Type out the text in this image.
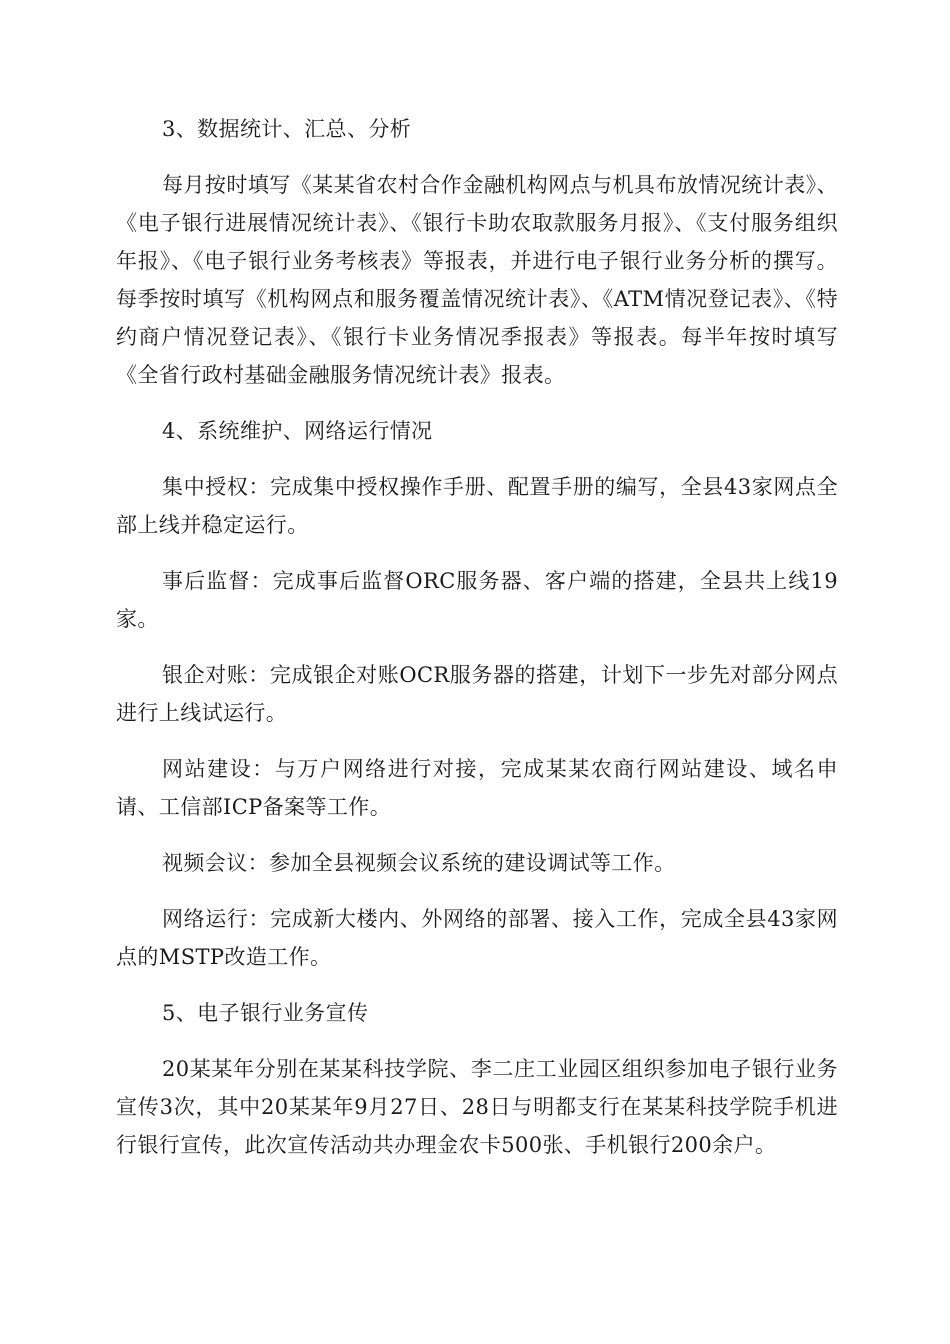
3、数据统计、汇总、分析

每月按时填写《某某省农村合作金融机构网点与机具布放情况统计表》、《电子银行进展情况统计表》、《银行卡助农取款服务月报》、《支付服务组织年报》、《电子银行业务考核表》等报表，并进行电子银行业务分析的撰写。每季按时填写《机构网点和服务覆盖情况统计表》、《ATM情况登记表》、《特约商户情况登记表》、《银行卡业务情况季报表》等报表。每半年按时填写《全省行政村基础金融服务情况统计表》报表。

4、系统维护、网络运行情况

集中授权：完成集中授权操作手册、配置手册的编写，全县43家网点全部上线并稳定运行。

事后监督：完成事后监督ORC服务器、客户端的搭建，全县共上线19家。

银企对账：完成银企对账OCR服务器的搭建，计划下一步先对部分网点进行上线试运行。

网站建设：与万户网络进行对接，完成某某农商行网站建设、域名申请、工信部ICP备案等工作。

视频会议：参加全县视频会议系统的建设调试等工作。

网络运行：完成新大楼内、外网络的部署、接入工作，完成全县43家网点的MSTP改造工作。

5、电子银行业务宣传

20某某年分别在某某科技学院、李二庄工业园区组织参加电子银行业务宣传3次，其中20某某年9月27日、28日与明都支行在某某科技学院手机进行银行宣传，此次宣传活动共办理金农卡500张、手机银行200余户。
